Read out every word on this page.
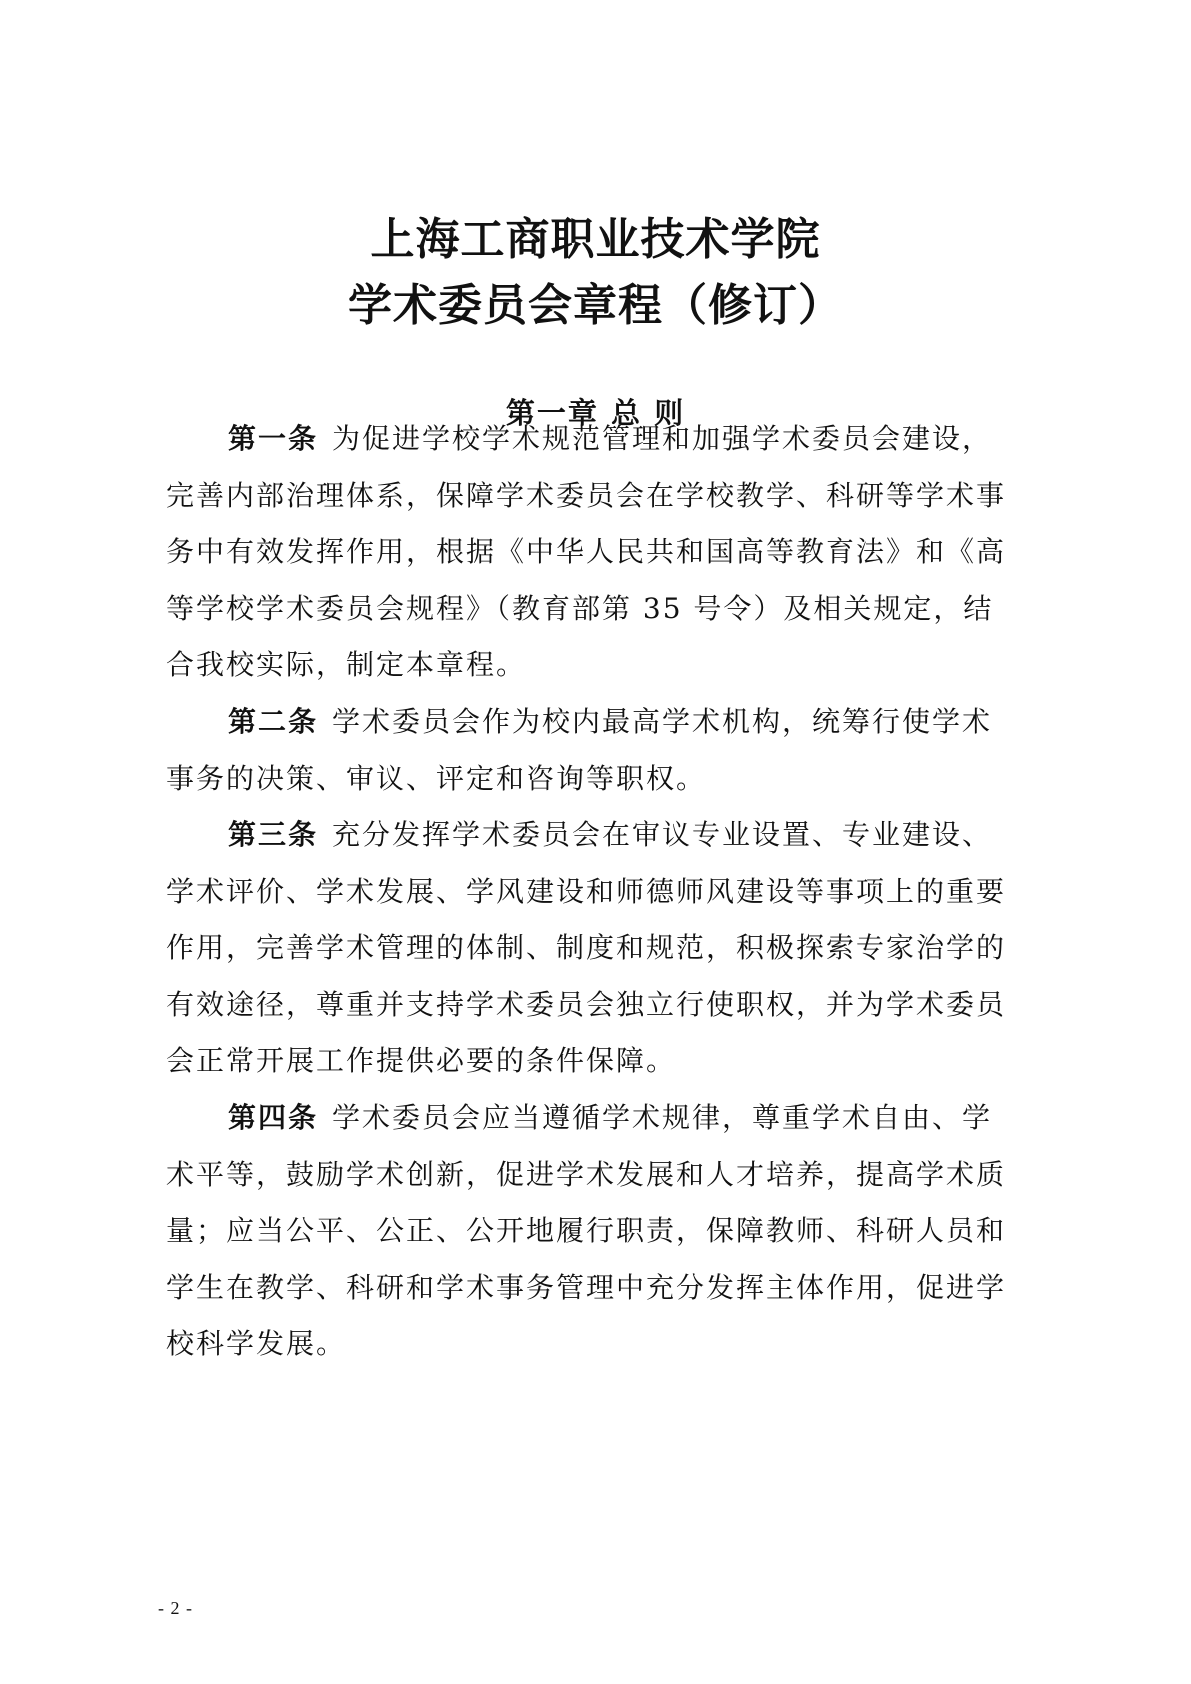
上海工商职业技术学院
学术委员会章程（修订）
第一章 总 则
第一条 为促进学校学术规范管理和加强学术委员会建设，
完善内部治理体系，保障学术委员会在学校教学、科研等学术事
务中有效发挥作用，根据《中华人民共和国高等教育法》和《高
等学校学术委员会规程》（教育部第 35 号令）及相关规定，结
合我校实际，制定本章程。
第二条 学术委员会作为校内最高学术机构，统筹行使学术
事务的决策、审议、评定和咨询等职权。
第三条 充分发挥学术委员会在审议专业设置、专业建设、
学术评价、学术发展、学风建设和师德师风建设等事项上的重要
作用，完善学术管理的体制、制度和规范，积极探索专家治学的
有效途径，尊重并支持学术委员会独立行使职权，并为学术委员
会正常开展工作提供必要的条件保障。
第四条 学术委员会应当遵循学术规律，尊重学术自由、学
术平等，鼓励学术创新，促进学术发展和人才培养，提高学术质
量；应当公平、公正、公开地履行职责，保障教师、科研人员和
学生在教学、科研和学术事务管理中充分发挥主体作用，促进学
校科学发展。
- 2 -
